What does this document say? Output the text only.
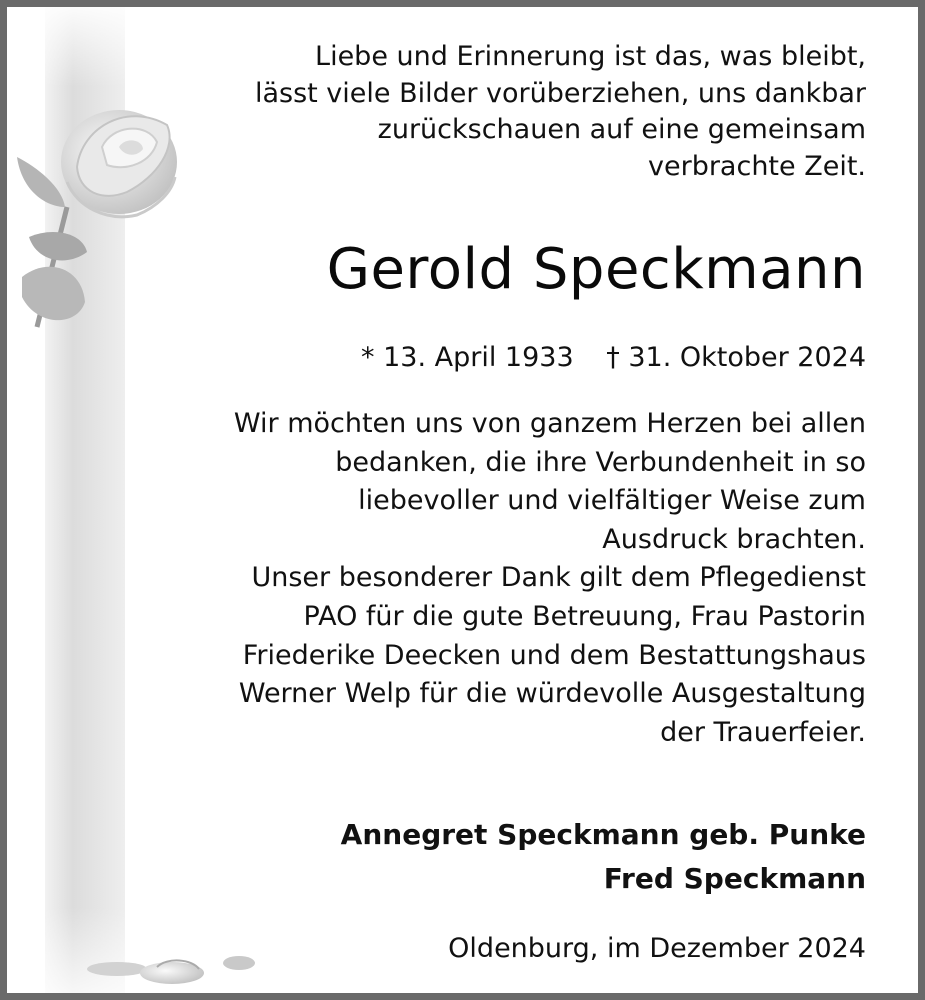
Liebe und Erinnerung ist das, was bleibt,
lässt viele Bilder vorüberziehen, uns dankbar
zurückschauen auf eine gemeinsam
verbrachte Zeit.
Gerold Speckmann
* 13. April 1933 † 31. Oktober 2024
Wir möchten uns von ganzem Herzen bei allen
bedanken, die ihre Verbundenheit in so
liebevoller und vielfältiger Weise zum
Ausdruck brachten.
Unser besonderer Dank gilt dem Pflegedienst
PAO für die gute Betreuung, Frau Pastorin
Friederike Deecken und dem Bestattungshaus
Werner Welp für die würdevolle Ausgestaltung
der Trauerfeier.
Annegret Speckmann geb. Punke
Fred Speckmann
Oldenburg, im Dezember 2024
